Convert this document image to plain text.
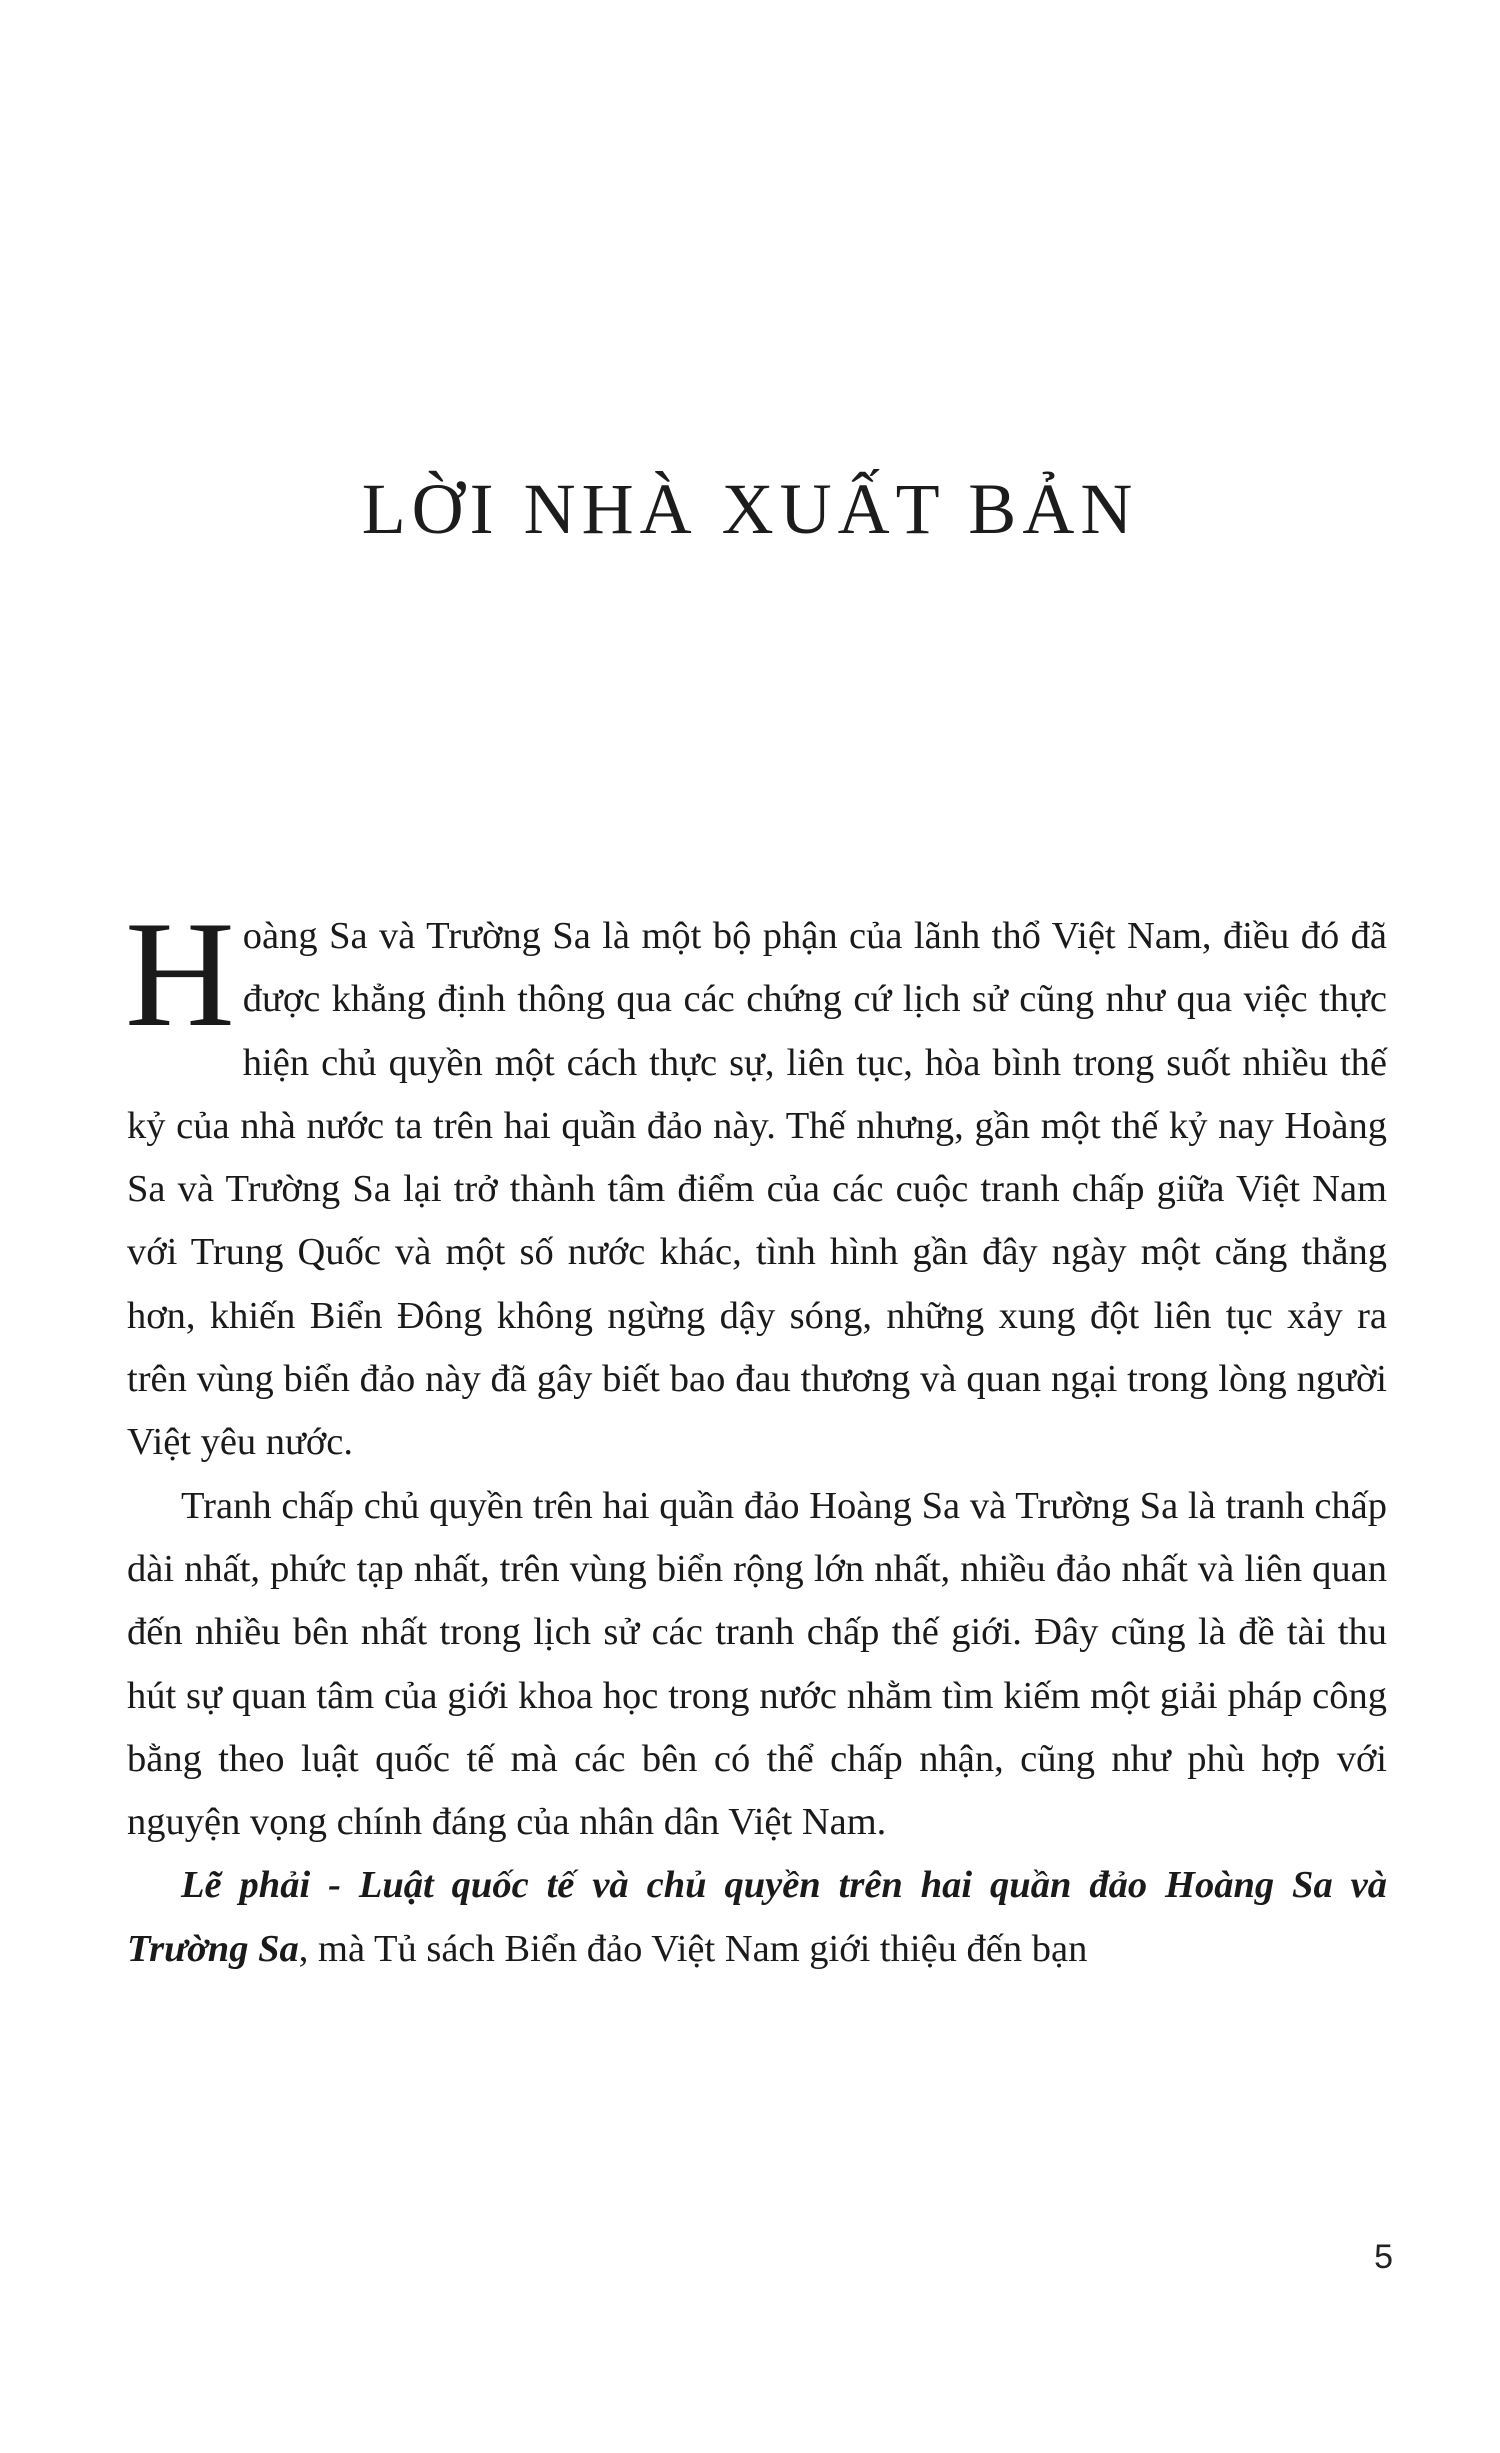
LỜI NHÀ XUẤT BẢN

Hoàng Sa và Trường Sa là một bộ phận của lãnh thổ Việt Nam, điều đó đã được khẳng định thông qua các chứng cứ lịch sử cũng như qua việc thực hiện chủ quyền một cách thực sự, liên tục, hòa bình trong suốt nhiều thế kỷ của nhà nước ta trên hai quần đảo này. Thế nhưng, gần một thế kỷ nay Hoàng Sa và Trường Sa lại trở thành tâm điểm của các cuộc tranh chấp giữa Việt Nam với Trung Quốc và một số nước khác, tình hình gần đây ngày một căng thẳng hơn, khiến Biển Đông không ngừng dậy sóng, những xung đột liên tục xảy ra trên vùng biển đảo này đã gây biết bao đau thương và quan ngại trong lòng người Việt yêu nước.

Tranh chấp chủ quyền trên hai quần đảo Hoàng Sa và Trường Sa là tranh chấp dài nhất, phức tạp nhất, trên vùng biển rộng lớn nhất, nhiều đảo nhất và liên quan đến nhiều bên nhất trong lịch sử các tranh chấp thế giới. Đây cũng là đề tài thu hút sự quan tâm của giới khoa học trong nước nhằm tìm kiếm một giải pháp công bằng theo luật quốc tế mà các bên có thể chấp nhận, cũng như phù hợp với nguyện vọng chính đáng của nhân dân Việt Nam.

Lẽ phải - Luật quốc tế và chủ quyền trên hai quần đảo Hoàng Sa và Trường Sa, mà Tủ sách Biển đảo Việt Nam giới thiệu đến bạn

5
